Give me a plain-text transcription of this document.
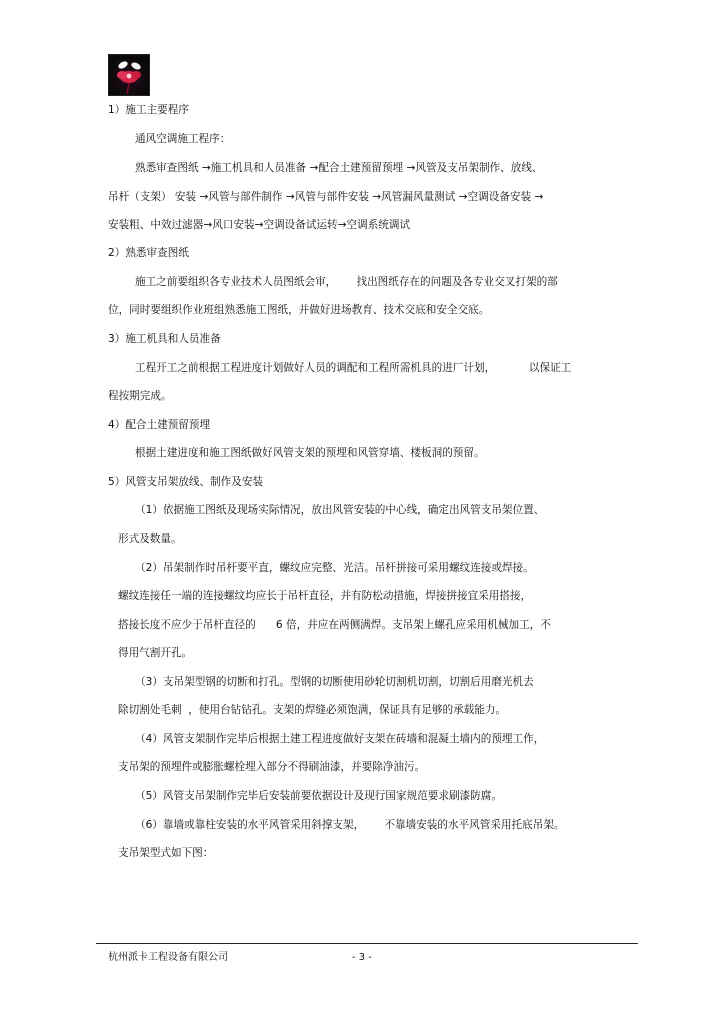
1）施工主要程序
通风空调施工程序：
熟悉审查图纸 →施工机具和人员准备 →配合土建预留预埋 →风管及支吊架制作、放线、
吊杆（支架） 安装 →风管与部件制作 →风管与部件安装 →风管漏风量测试 →空调设备安装 →
安装粗、中效过滤器→风口安装→空调设备试运转→空调系统调试
2）熟悉审查图纸
施工之前要组织各专业技术人员图纸会审，      找出图纸存在的问题及各专业交叉打架的部
位，同时要组织作业班组熟悉施工图纸，并做好进场教育、技术交底和安全交底。
3）施工机具和人员准备
工程开工之前根据工程进度计划做好人员的调配和工程所需机具的进厂计划，          以保证工
程按期完成。
4）配合土建预留预埋
根据土建进度和施工图纸做好风管支架的预埋和风管穿墙、楼板洞的预留。
5）风管支吊架放线、制作及安装
（1）依据施工图纸及现场实际情况，放出风管安装的中心线，确定出风管支吊架位置、
形式及数量。
（2）吊架制作时吊杆要平直，螺纹应完整、光洁。吊杆拼接可采用螺纹连接或焊接。
螺纹连接任一端的连接螺纹均应长于吊杆直径，并有防松动措施，焊接拼接宜采用搭接，
搭接长度不应少于吊杆直径的      6 倍，并应在两侧满焊。支吊架上螺孔应采用机械加工，不
得用气割开孔。
（3）支吊架型钢的切断和打孔。型钢的切断使用砂轮切割机切割，切割后用磨光机去
除切割处毛刺  ，使用台钻钻孔。支架的焊缝必须饱满，保证具有足够的承载能力。
（4）风管支架制作完毕后根据土建工程进度做好支架在砖墙和混凝土墙内的预埋工作，
支吊架的预埋件或膨胀螺栓埋入部分不得刷油漆，并要除净油污。
（5）风管支吊架制作完毕后安装前要依据设计及现行国家规范要求刷漆防腐。
（6）靠墙或靠柱安装的水平风管采用斜撑支架，      不靠墙安装的水平风管采用托底吊架。
支吊架型式如下图：
杭州派卡工程设备有限公司	- 3 -
